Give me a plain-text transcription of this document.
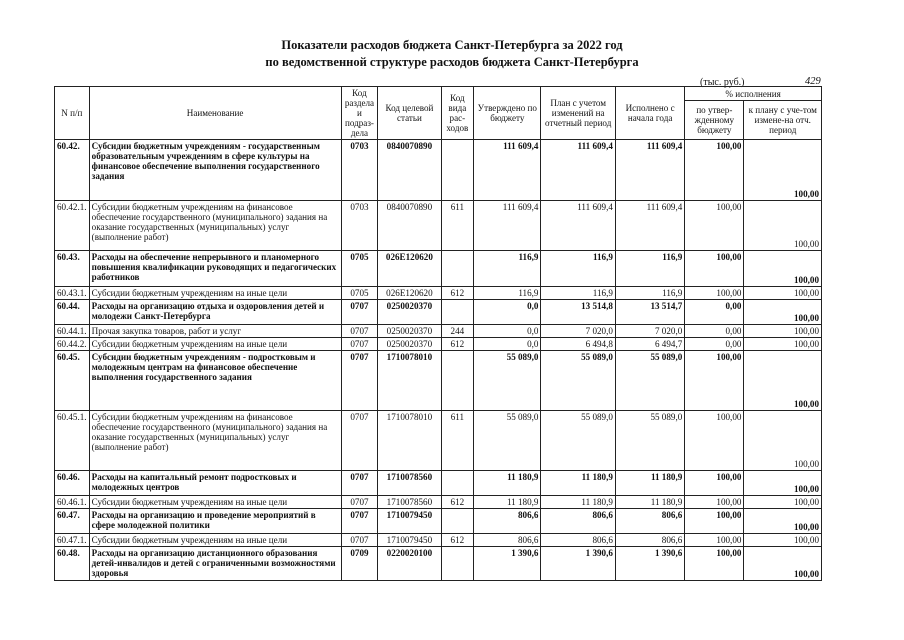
Показатели расходов бюджета Санкт-Петербурга за 2022 год
по ведомственной структуре расходов бюджета Санкт-Петербурга
(тыс. руб.)	429
N п/п	Наименование	Код раздела и подраз-дела	Код целевой статьи	Код вида рас-ходов	Утверждено по бюджету	План с учетом изменений на отчетный период	Исполнено с начала года	% исполнения	
								по утвер-жденному бюджету	к плану с уче-том измене-на отч. период
60.42.	Субсидии бюджетным учреждениям - государственным образовательным учреждениям в сфере культуры на финансовое обеспечение выполнения государственного задания	0703	0840070890		111 609,4	111 609,4	111 609,4	100,00	100,00
60.42.1.	Субсидии бюджетным учреждениям на финансовое обеспечение государственного (муниципального) задания на оказание государственных (муниципальных) услуг (выполнение работ)	0703	0840070890	611	111 609,4	111 609,4	111 609,4	100,00	100,00
60.43.	Расходы на обеспечение непрерывного и планомерного повышения квалификации руководящих и педагогических работников	0705	026Е120620		116,9	116,9	116,9	100,00	100,00
60.43.1.	Субсидии бюджетным учреждениям на иные цели	0705	026Е120620	612	116,9	116,9	116,9	100,00	100,00
60.44.	Расходы на организацию отдыха и оздоровления детей и молодежи Санкт-Петербурга	0707	0250020370		0,0	13 514,8	13 514,7	0,00	100,00
60.44.1.	Прочая закупка товаров, работ и услуг	0707	0250020370	244	0,0	7 020,0	7 020,0	0,00	100,00
60.44.2.	Субсидии бюджетным учреждениям на иные цели	0707	0250020370	612	0,0	6 494,8	6 494,7	0,00	100,00
60.45.	Субсидии бюджетным учреждениям - подростковым и молодежным центрам на финансовое обеспечение выполнения государственного задания	0707	1710078010		55 089,0	55 089,0	55 089,0	100,00	100,00
60.45.1.	Субсидии бюджетным учреждениям на финансовое обеспечение государственного (муниципального) задания на оказание государственных (муниципальных) услуг (выполнение работ)	0707	1710078010	611	55 089,0	55 089,0	55 089,0	100,00	100,00
60.46.	Расходы на капитальный ремонт подростковых и молодежных центров	0707	1710078560		11 180,9	11 180,9	11 180,9	100,00	100,00
60.46.1.	Субсидии бюджетным учреждениям на иные цели	0707	1710078560	612	11 180,9	11 180,9	11 180,9	100,00	100,00
60.47.	Расходы на организацию и проведение мероприятий в сфере молодежной политики	0707	1710079450		806,6	806,6	806,6	100,00	100,00
60.47.1.	Субсидии бюджетным учреждениям на иные цели	0707	1710079450	612	806,6	806,6	806,6	100,00	100,00
60.48.	Расходы на организацию дистанционного образования детей-инвалидов и детей с ограниченными возможностями здоровья	0709	0220020100		1 390,6	1 390,6	1 390,6	100,00	100,00
